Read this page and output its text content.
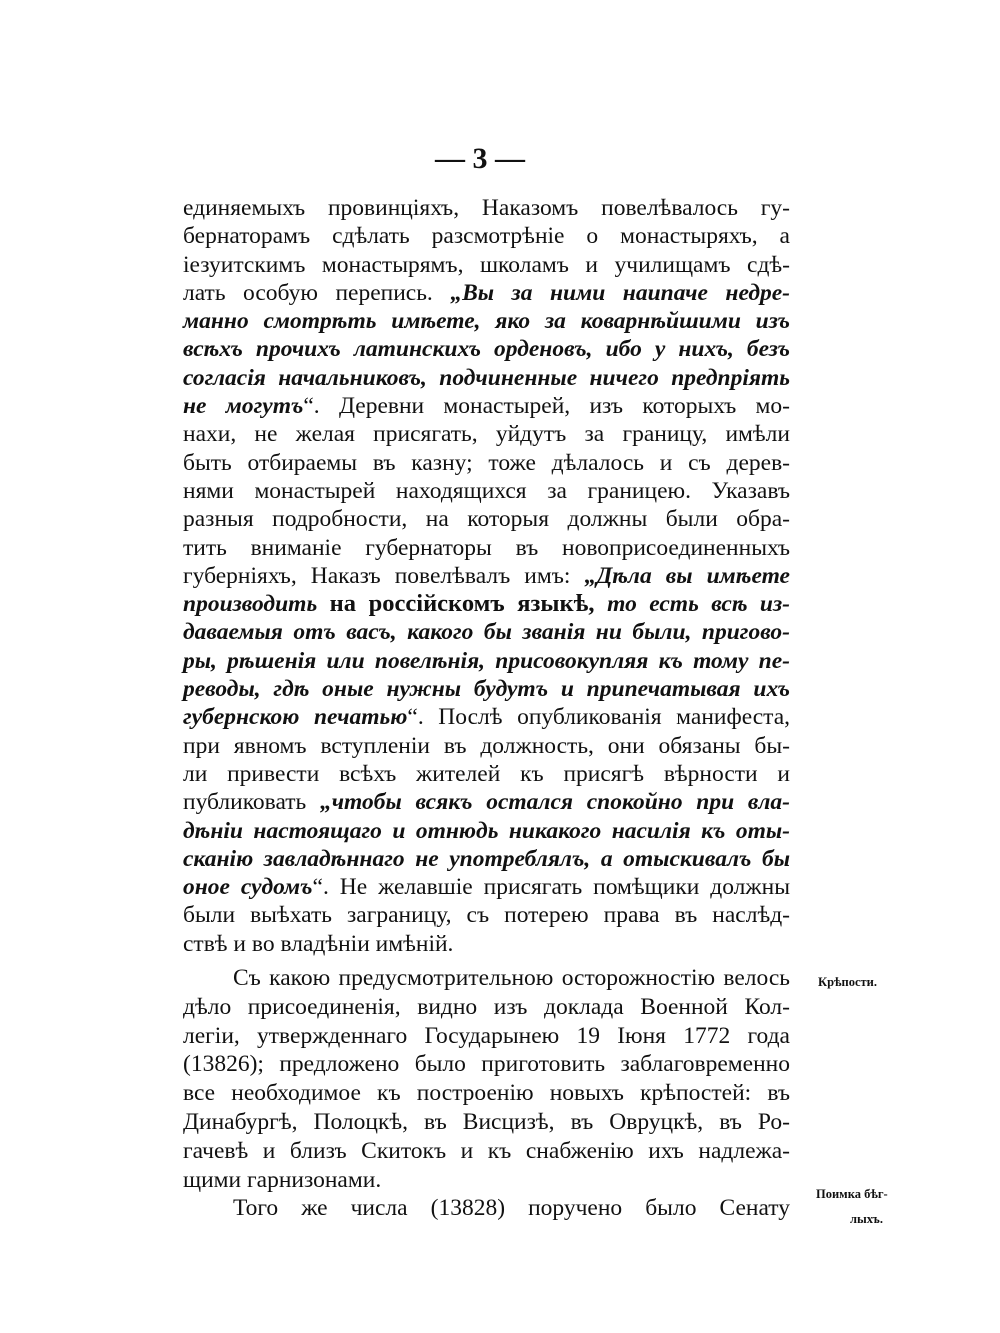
— 3 —
единяемыхъ провинціяхъ, Наказомъ повелѣвалось гу-
бернаторамъ сдѣлать разсмотрѣніе о монастыряхъ, а
іезуитскимъ монастырямъ, школамъ и училищамъ сдѣ-
лать особую перепись. „Вы за ними наипаче недре-
манно смотрѣть имѣете, яко за коварнѣйшими изъ
всѣхъ прочихъ латинскихъ орденовъ, ибо у нихъ, безъ
согласія начальниковъ, подчиненные ничего предпріять
не могутъ“. Деревни монастырей, изъ которыхъ мо-
нахи, не желая присягать, уйдутъ за границу, имѣли
быть отбираемы въ казну; тоже дѣлалось и съ дерев-
нями монастырей находящихся за границею. Указавъ
разныя подробности, на которыя должны были обра-
тить вниманіе губернаторы въ новоприсоединенныхъ
губерніяхъ, Наказъ повелѣвалъ имъ: „Дѣла вы имѣете
производить на россійскомъ языкѣ, то есть всѣ из-
даваемыя отъ васъ, какого бы званія ни были, пригово-
ры, рѣшенія или повелѣнія, присовокупляя къ тому пе-
реводы, гдѣ оные нужны будутъ и припечатывая ихъ
губернскою печатью“. Послѣ опубликованія манифеста,
при явномъ вступленіи въ должность, они обязаны бы-
ли привести всѣхъ жителей къ присягѣ вѣрности и
публиковать „чтобы всякъ остался спокойно при вла-
дѣніи настоящаго и отнюдь никакого насилія къ оты-
сканію завладѣннаго не употреблялъ, а отыскивалъ бы
оное судомъ“. Не желавшіе присягать помѣщики должны
были выѣхать заграницу, съ потерею права въ наслѣд-
ствѣ и во владѣніи имѣній.
Съ какою предусмотрительною осторожностію велось
дѣло присоединенія, видно изъ доклада Военной Кол-
легіи, утвержденнаго Государынею 19 Іюня 1772 года
(13826); предложено было приготовить заблаговременно
все необходимое къ построенію новыхъ крѣпостей: въ
Динабургѣ, Полоцкѣ, въ Висцизѣ, въ Овруцкѣ, въ Ро-
гачевѣ и близъ Скитокъ и къ снабженію ихъ надлежа-
щими гарнизонами.
Того же числа (13828) поручено было Сенату
Крѣпости.
Поимка бѣг-
лыхъ.
